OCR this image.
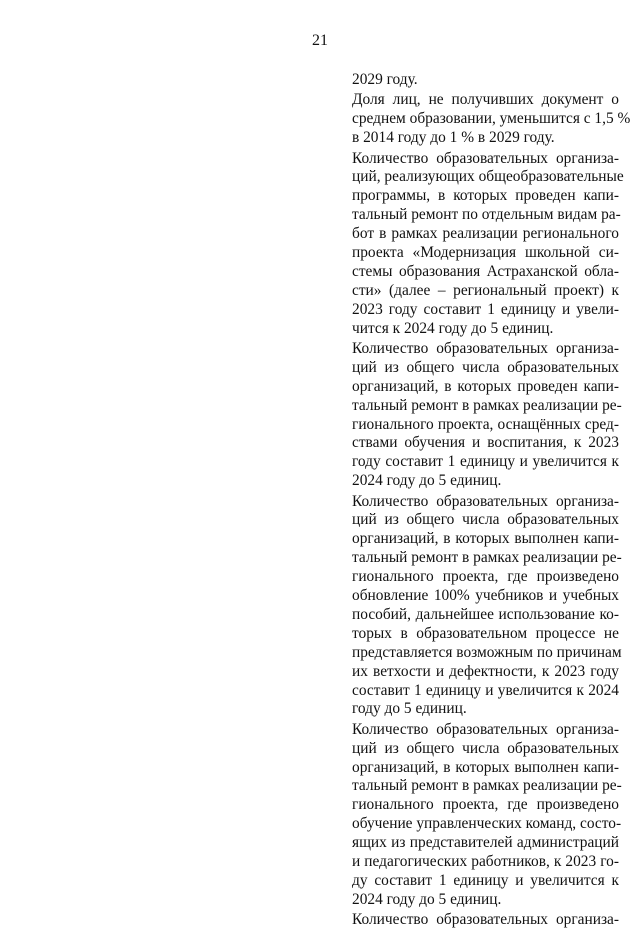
21
2029 году.
Доля лиц, не получивших документ о
среднем образовании, уменьшится с 1,5 %
в 2014 году до 1 % в 2029 году.
Количество образовательных организа-
ций, реализующих общеобразовательные
программы, в которых проведен капи-
тальный ремонт по отдельным видам ра-
бот в рамках реализации регионального
проекта «Модернизация школьной си-
стемы образования Астраханской обла-
сти» (далее – региональный проект) к
2023 году составит 1 единицу и увели-
чится к 2024 году до 5 единиц.
Количество образовательных организа-
ций из общего числа образовательных
организаций, в которых проведен капи-
тальный ремонт в рамках реализации ре-
гионального проекта, оснащённых сред-
ствами обучения и воспитания, к 2023
году составит 1 единицу и увеличится к
2024 году до 5 единиц.
Количество образовательных организа-
ций из общего числа образовательных
организаций, в которых выполнен капи-
тальный ремонт в рамках реализации ре-
гионального проекта, где произведено
обновление 100% учебников и учебных
пособий, дальнейшее использование ко-
торых в образовательном процессе не
представляется возможным по причинам
их ветхости и дефектности, к 2023 году
составит 1 единицу и увеличится к 2024
году до 5 единиц.
Количество образовательных организа-
ций из общего числа образовательных
организаций, в которых выполнен капи-
тальный ремонт в рамках реализации ре-
гионального проекта, где произведено
обучение управленческих команд, состо-
ящих из представителей администраций
и педагогических работников, к 2023 го-
ду составит 1 единицу и увеличится к
2024 году до 5 единиц.
Количество образовательных организа-
